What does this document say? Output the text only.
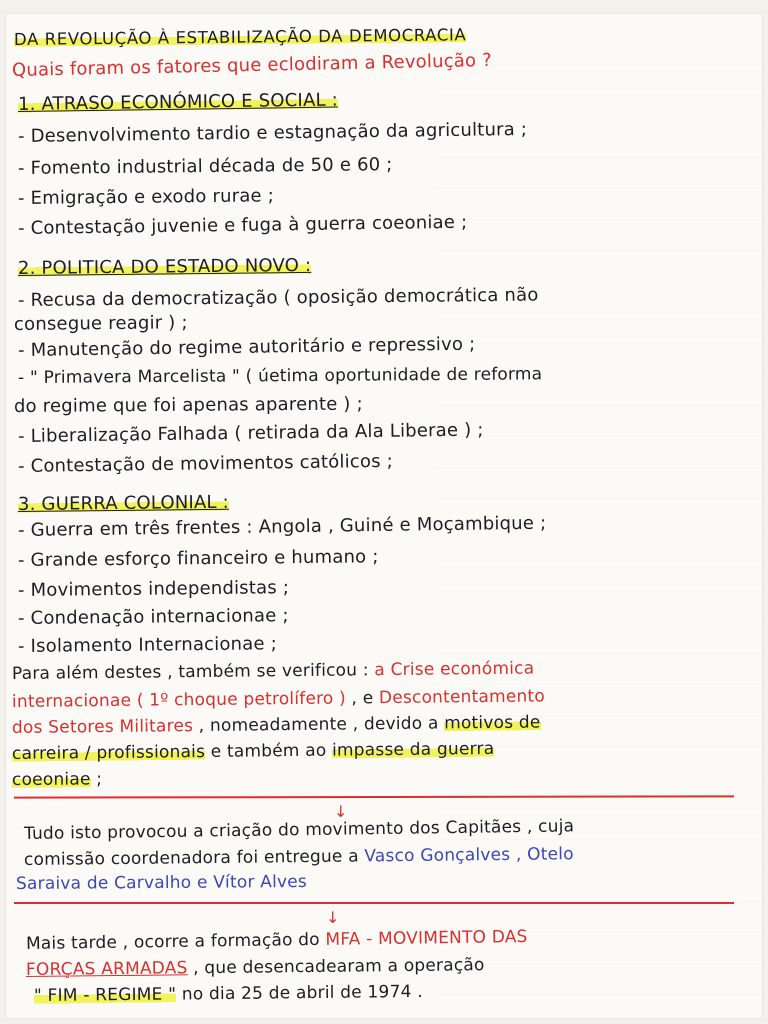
DA REVOLUÇÃO À ESTABILIZAÇÃO DA DEMOCRACIA
Quais foram os fatores que eclodiram a Revolução ?
1. ATRASO ECONÓMICO E SOCIAL :
- Desenvolvimento tardio e estagnação da agricultura ;
- Fomento industrial década de 50 e 60 ;
- Emigração e exodo rurae ;
- Contestação juvenie e fuga à guerra coeoniae ;
2. POLITICA DO ESTADO NOVO :
- Recusa da democratização ( oposição democrática não
consegue reagir ) ;
- Manutenção do regime autoritário e repressivo ;
- " Primavera Marcelista " ( úetima oportunidade de reforma
do regime que foi apenas aparente ) ;
- Liberalização Falhada ( retirada da Ala Liberae ) ;
- Contestação de movimentos católicos ;
3. GUERRA COLONIAL :
- Guerra em três frentes : Angola , Guiné e Moçambique ;
- Grande esforço financeiro e humano ;
- Movimentos independistas ;
- Condenação internacionae ;
- Isolamento Internacionae ;
Para além destes , também se verificou : a Crise económica
internacionae ( 1º choque petrolífero ) , e Descontentamento
dos Setores Militares , nomeadamente , devido a motivos de
carreira / profissionais e também ao impasse da guerra
coeoniae ;
↓
Tudo isto provocou a criação do movimento dos Capitães , cuja
comissão coordenadora foi entregue a Vasco Gonçalves , Otelo
Saraiva de Carvalho e Vítor Alves
↓
Mais tarde , ocorre a formação do MFA - MOVIMENTO DAS
FORÇAS ARMADAS , que desencadearam a operação
" FIM - REGIME " no dia 25 de abril de 1974 .
